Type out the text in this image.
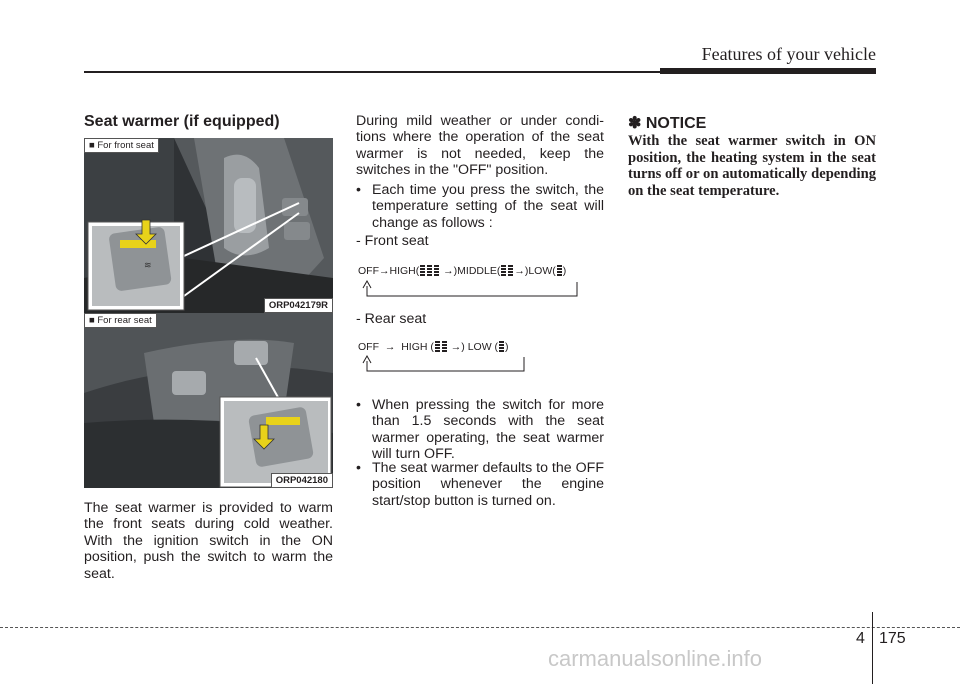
Features of your vehicle
Seat warmer (if equipped)
≋
■ For front seat
ORP042179R
■ For rear seat
ORP042180
The seat warmer is provided to warm the front seats during cold weather. With the ignition switch in the ON position, push the switch to warm the seat.
During mild weather or under condi-tions where the operation of the seat warmer is not needed, keep the switches in the "OFF" position.
• Each time you press the switch, the temperature setting of the seat will change as follows :
- Front seat
OFF→HIGH( →)MIDDLE( →)LOW( )
- Rear seat
OFF → HIGH ( →) LOW ( )
• When pressing the switch for more than 1.5 seconds with the seat warmer operating, the seat warmer will turn OFF.
• The seat warmer defaults to the OFF position whenever the engine start/stop button is turned on.
✽ NOTICE
With the seat warmer switch in ON position, the heating system in the seat turns off or on automatically depending on the seat temperature.
4 175
carmanualsonline.info
